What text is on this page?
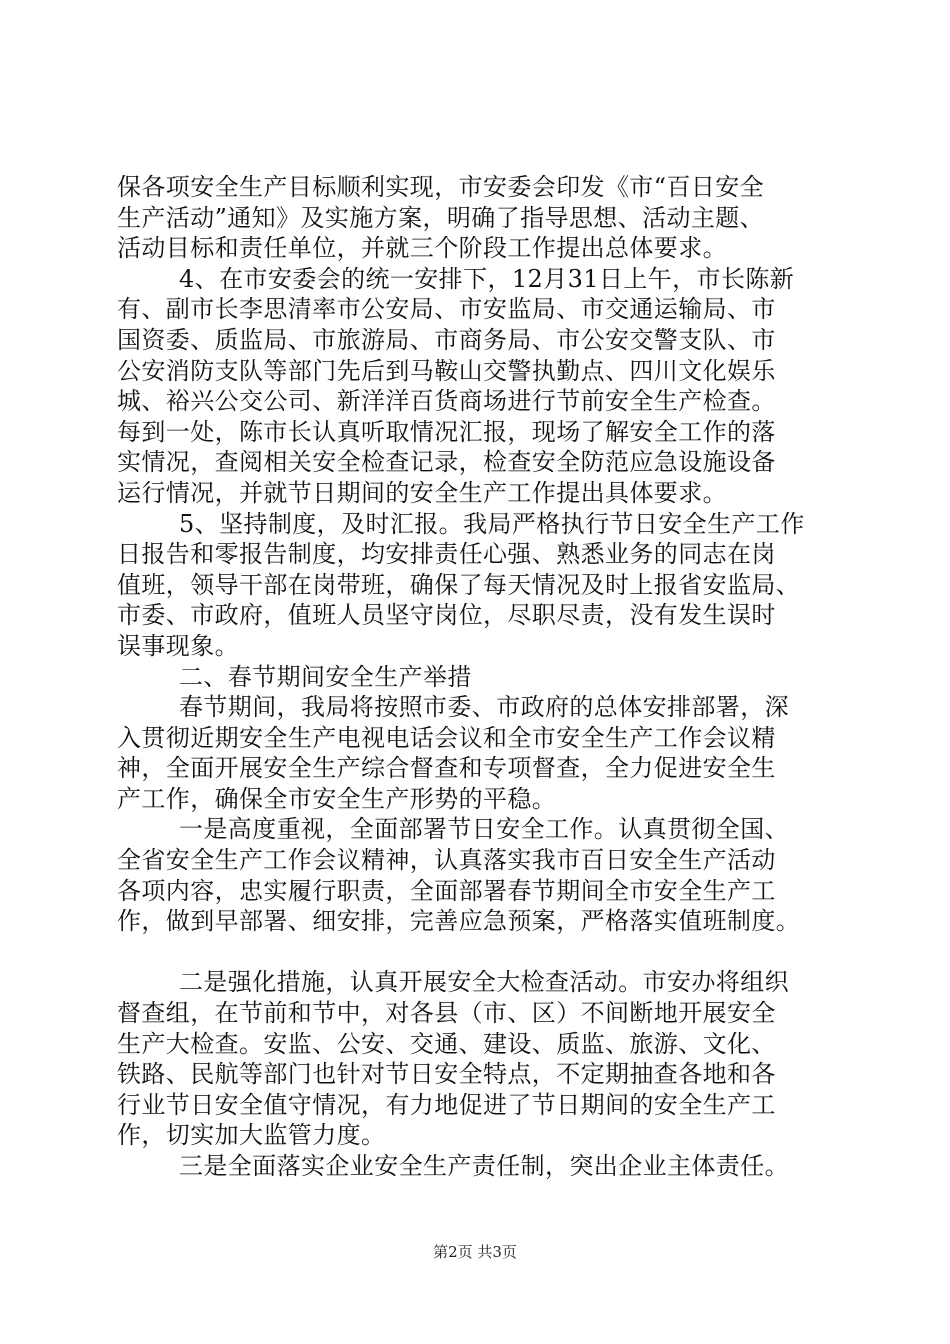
保各项安全生产目标顺利实现，市安委会印发《市“百日安全
生产活动”通知》及实施方案，明确了指导思想、活动主题、
活动目标和责任单位，并就三个阶段工作提出总体要求。
4、在市安委会的统一安排下，12月31日上午，市长陈新
有、副市长李思清率市公安局、市安监局、市交通运输局、市
国资委、质监局、市旅游局、市商务局、市公安交警支队、市
公安消防支队等部门先后到马鞍山交警执勤点、四川文化娱乐
城、裕兴公交公司、新洋洋百货商场进行节前安全生产检查。
每到一处，陈市长认真听取情况汇报，现场了解安全工作的落
实情况，查阅相关安全检查记录，检查安全防范应急设施设备
运行情况，并就节日期间的安全生产工作提出具体要求。
5、坚持制度，及时汇报。我局严格执行节日安全生产工作
日报告和零报告制度，均安排责任心强、熟悉业务的同志在岗
值班，领导干部在岗带班，确保了每天情况及时上报省安监局、
市委、市政府，值班人员坚守岗位，尽职尽责，没有发生误时
误事现象。
二、春节期间安全生产举措
春节期间，我局将按照市委、市政府的总体安排部署，深
入贯彻近期安全生产电视电话会议和全市安全生产工作会议精
神，全面开展安全生产综合督查和专项督查，全力促进安全生
产工作，确保全市安全生产形势的平稳。
一是高度重视，全面部署节日安全工作。认真贯彻全国、
全省安全生产工作会议精神，认真落实我市百日安全生产活动
各项内容，忠实履行职责，全面部署春节期间全市安全生产工
作，做到早部署、细安排，完善应急预案，严格落实值班制度。
二是强化措施，认真开展安全大检查活动。市安办将组织
督查组，在节前和节中，对各县（市、区）不间断地开展安全
生产大检查。安监、公安、交通、建设、质监、旅游、文化、
铁路、民航等部门也针对节日安全特点，不定期抽查各地和各
行业节日安全值守情况，有力地促进了节日期间的安全生产工
作，切实加大监管力度。
三是全面落实企业安全生产责任制，突出企业主体责任。
第2页 共3页
